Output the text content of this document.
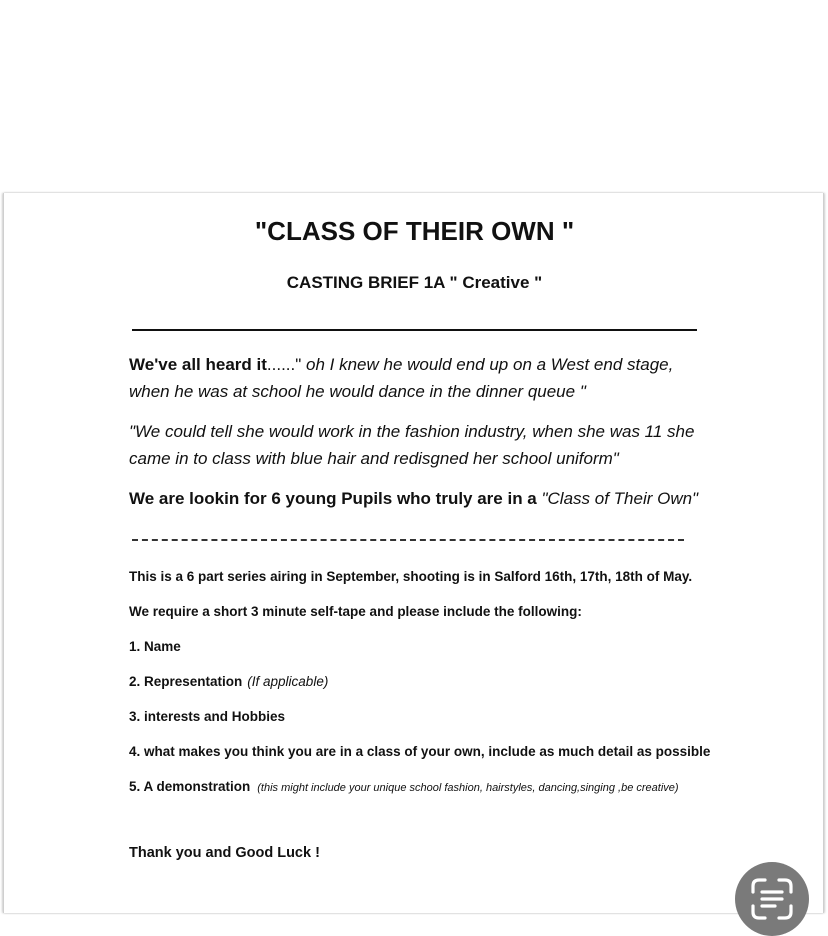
"CLASS OF THEIR OWN "
CASTING BRIEF 1A " Creative "
We've all heard it......" oh I knew he would end up on a West end stage, when he was at school he would dance in the dinner queue "
"We could tell she would work in the fashion industry, when she was 11 she came in to class with blue hair and redisgned her school uniform"
We are lookin for 6 young Pupils who truly are in a "Class of Their Own"
This is a 6 part series airing in September, shooting is in Salford 16th, 17th, 18th of May.
We require a short 3 minute self-tape and please include the following:
1. Name
2. Representation (If applicable)
3. interests and Hobbies
4. what makes you think you are in a class of your own, include as much detail as possible
5. A demonstration (this might include your unique school fashion, hairstyles, dancing,singing ,be creative)
Thank you and Good Luck !
